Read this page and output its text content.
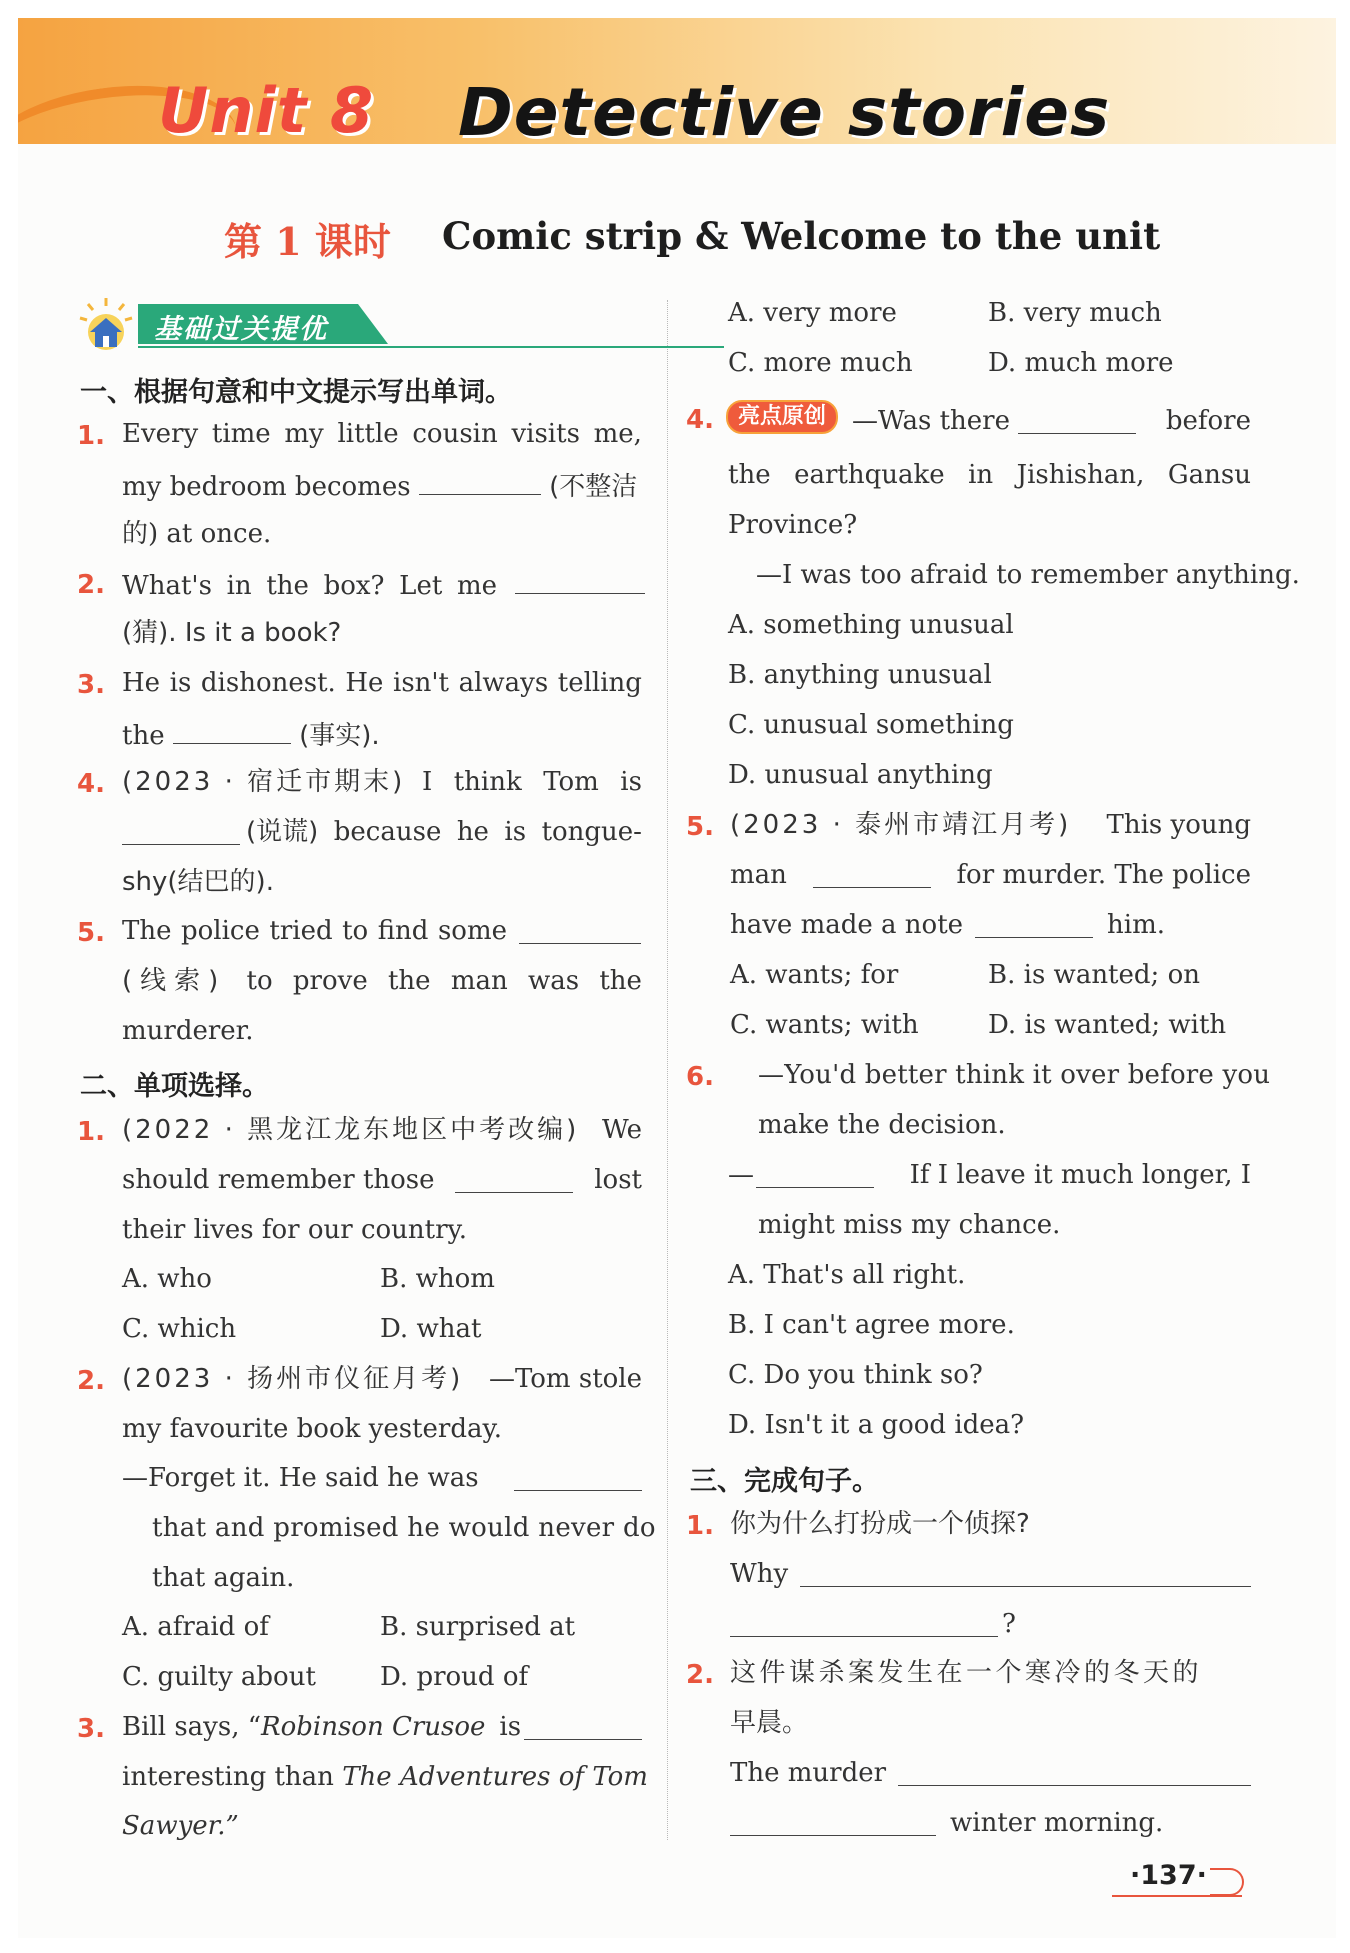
Unit 8 Detective stories
第 1 课时 Comic strip & Welcome to the unit
基础过关提优
一、根据句意和中文提示写出单词。
1. Every time my little cousin visits me,
my bedroom becomes	(不整洁
的) at once.
2. What's in the box? Let me

(猜). Is it a book?
3. He is dishonest. He isn't always telling
the	(事实).
4. (2023 · 宿迁市期末) I think Tom is
(说谎) because he is tongue-
shy(结巴的).
5. The police tried to find some
(线索) to prove the man was the
murderer.
二、单项选择。
1. (2022 · 黑龙江龙东地区中考改编) We
should remember those	lost
their lives for our country.
A. who	B. whom
C. which	D. what
2. (2023 · 扬州市仪征月考) —Tom stole
my favourite book yesterday.
—Forget it. He said he was
that and promised he would never do
that again.
A. afraid of	B. surprised at
C. guilty about D. proud of
3. Bill says, “ Robinson Crusoe is
interesting than The Adventures of Tom
Sawyer.”
A. very more	B. very much
C. more much	D. much more
4.	亮点原创	—Was there	before
the earthquake in Jishishan, Gansu
Province?
—I was too afraid to remember anything.
A. something unusual
B. anything unusual
C. unusual something
D. unusual anything
5. (2023 · 泰州市靖江月考) This young
man	for murder. The police
have made a note	him.
A. wants; for	B. is wanted; on
C. wants; with	D. is wanted; with
6. —You'd better think it over before you
make the decision.
—	If I leave it much longer, I
might miss my chance.
A. That's all right.
B. I can't agree more.
C. Do you think so?
D. Isn't it a good idea?
三、完成句子。
1. 你为什么打扮成一个侦探?
Why
?
2. 这件谋杀案发生在一个寒冷的冬天的
早晨。
The murder
winter morning.
·137·
